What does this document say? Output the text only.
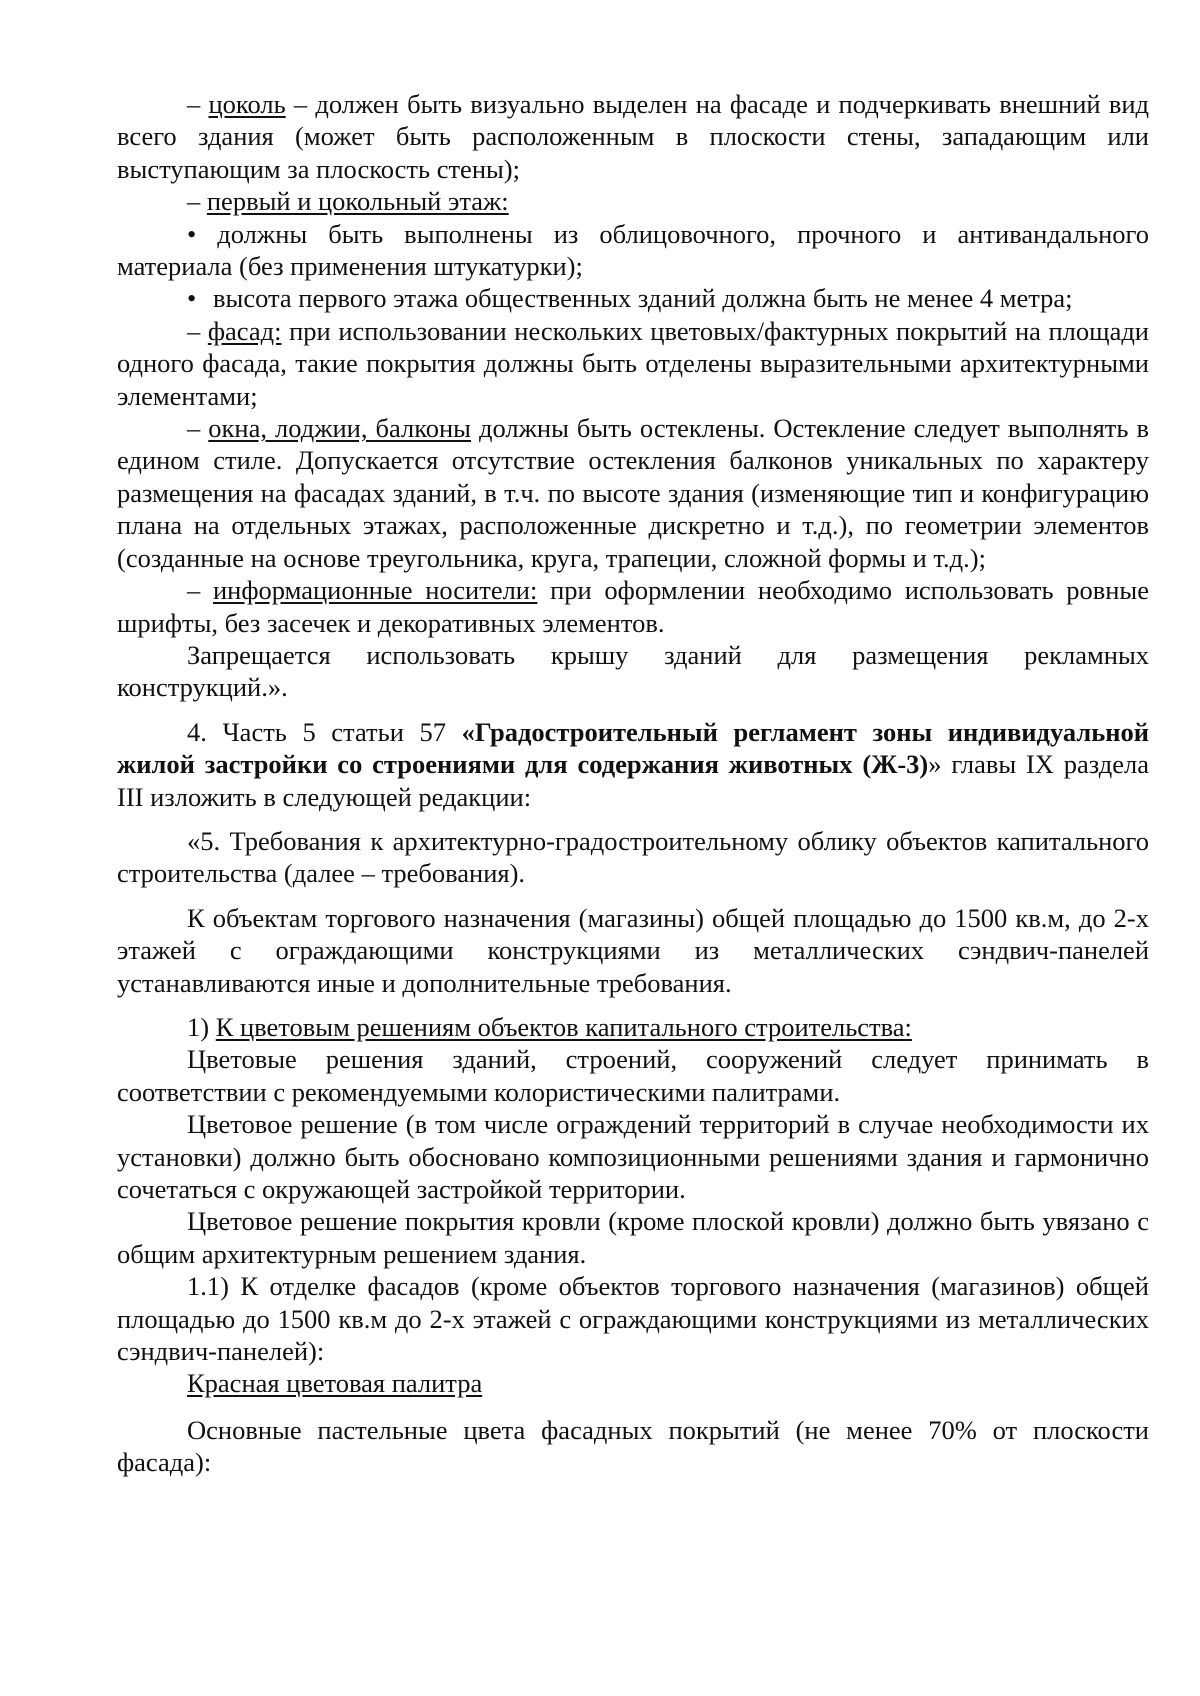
– цоколь – должен быть визуально выделен на фасаде и подчеркивать внешний вид всего здания (может быть расположенным в плоскости стены, западающим или выступающим за плоскость стены);

– первый и цокольный этаж:

• должны быть выполнены из облицовочного, прочного и антивандального материала (без применения штукатурки);

• высота первого этажа общественных зданий должна быть не менее 4 метра;

– фасад: при использовании нескольких цветовых/фактурных покрытий на площади одного фасада, такие покрытия должны быть отделены выразительными архитектурными элементами;

– окна, лоджии, балконы должны быть остеклены. Остекление следует выполнять в едином стиле. Допускается отсутствие остекления балконов уникальных по характеру размещения на фасадах зданий, в т.ч. по высоте здания (изменяющие тип и конфигурацию плана на отдельных этажах, расположенные дискретно и т.д.), по геометрии элементов (созданные на основе треугольника, круга, трапеции, сложной формы и т.д.);

– информационные носители: при оформлении необходимо использовать ровные шрифты, без засечек и декоративных элементов.

Запрещается использовать крышу зданий для размещения рекламных конструкций.».

4. Часть 5 статьи 57 «Градостроительный регламент зоны индивидуальной жилой застройки со строениями для содержания животных (Ж-3)» главы IX раздела III изложить в следующей редакции:

«5. Требования к архитектурно-градостроительному облику объектов капитального строительства (далее – требования).

К объектам торгового назначения (магазины) общей площадью до 1500 кв.м, до 2-х этажей с ограждающими конструкциями из металлических сэндвич-панелей устанавливаются иные и дополнительные требования.

1) К цветовым решениям объектов капитального строительства:

Цветовые решения зданий, строений, сооружений следует принимать в соответствии с рекомендуемыми колористическими палитрами.

Цветовое решение (в том числе ограждений территорий в случае необходимости их установки) должно быть обосновано композиционными решениями здания и гармонично сочетаться с окружающей застройкой территории.

Цветовое решение покрытия кровли (кроме плоской кровли) должно быть увязано с общим архитектурным решением здания.

1.1) К отделке фасадов (кроме объектов торгового назначения (магазинов) общей площадью до 1500 кв.м до 2-х этажей с ограждающими конструкциями из металлических сэндвич-панелей):

Красная цветовая палитра

Основные пастельные цвета фасадных покрытий (не менее 70% от плоскости фасада):
